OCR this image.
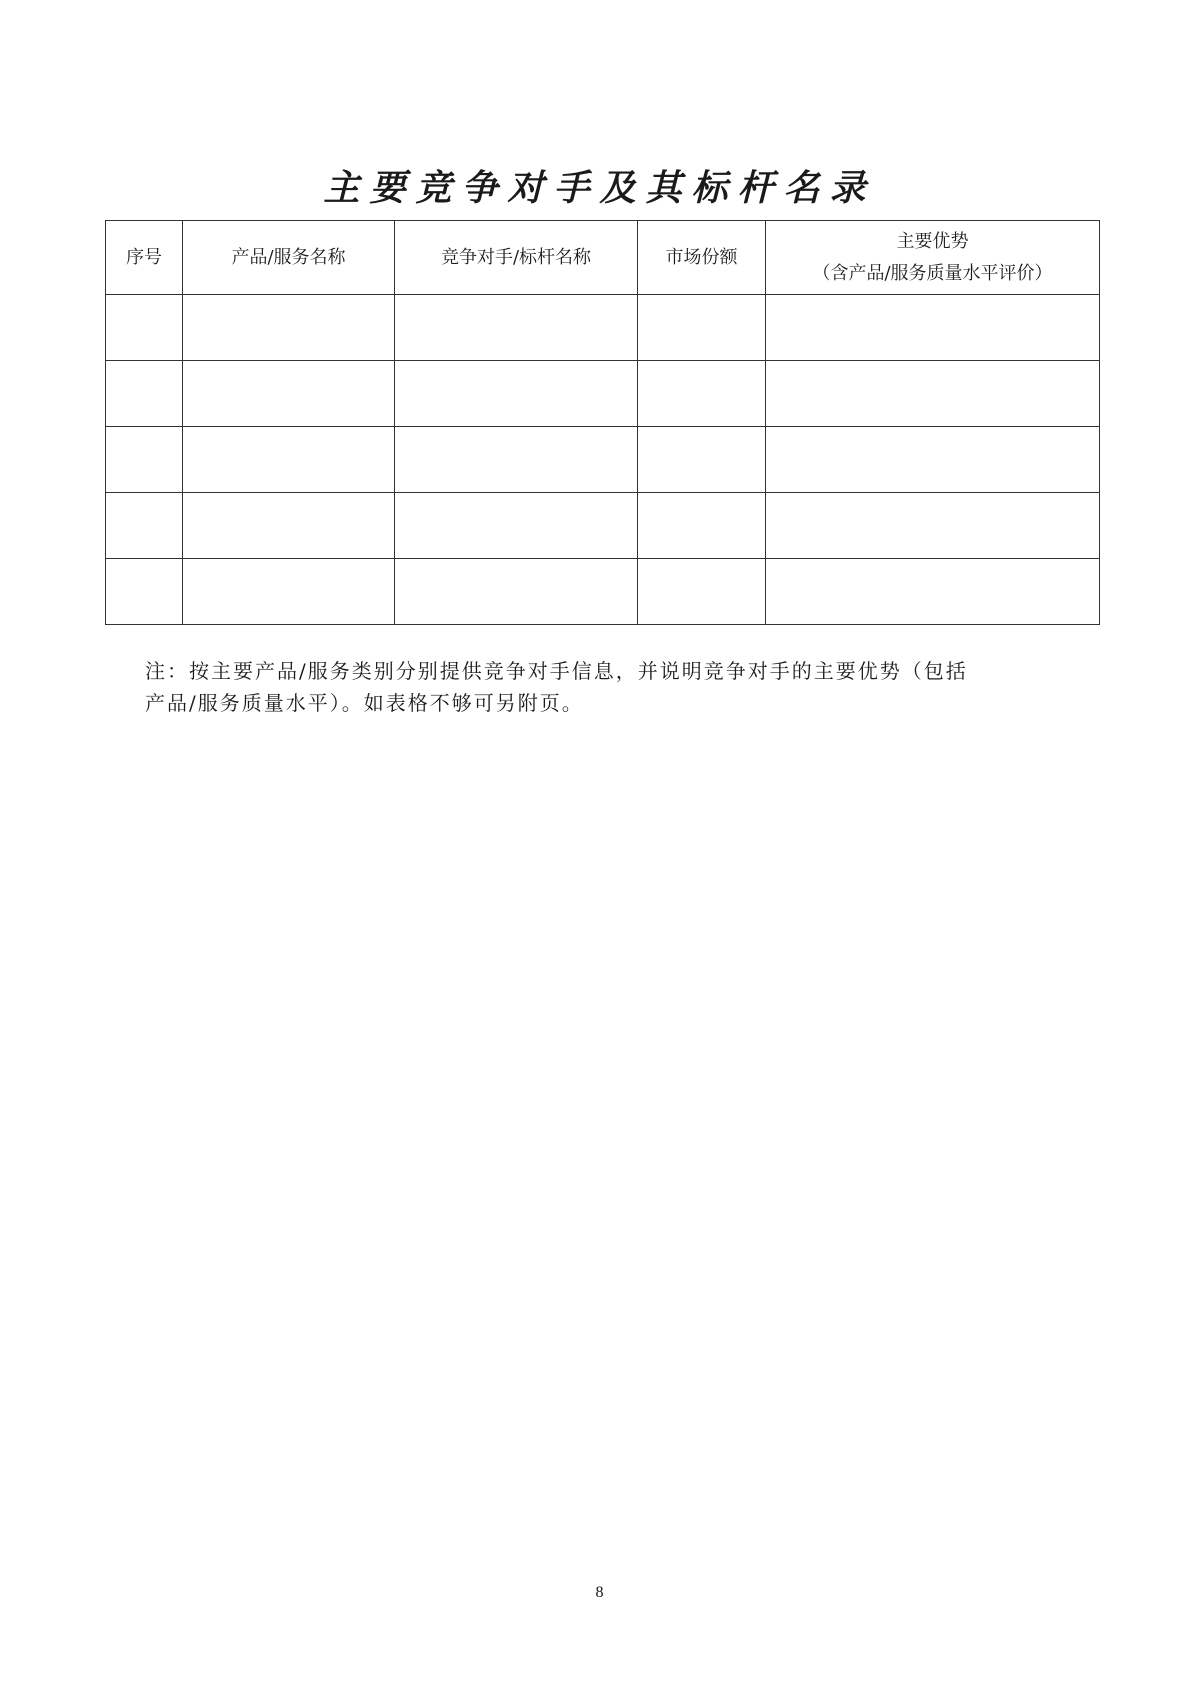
主要竞争对手及其标杆名录
序号	产品/服务名称	竞争对手/标杆名称	市场份额	主要优势
（含产品/服务质量水平评价）

注：按主要产品/服务类别分别提供竞争对手信息，并说明竞争对手的主要优势（包括
产品/服务质量水平）。如表格不够可另附页。
8
